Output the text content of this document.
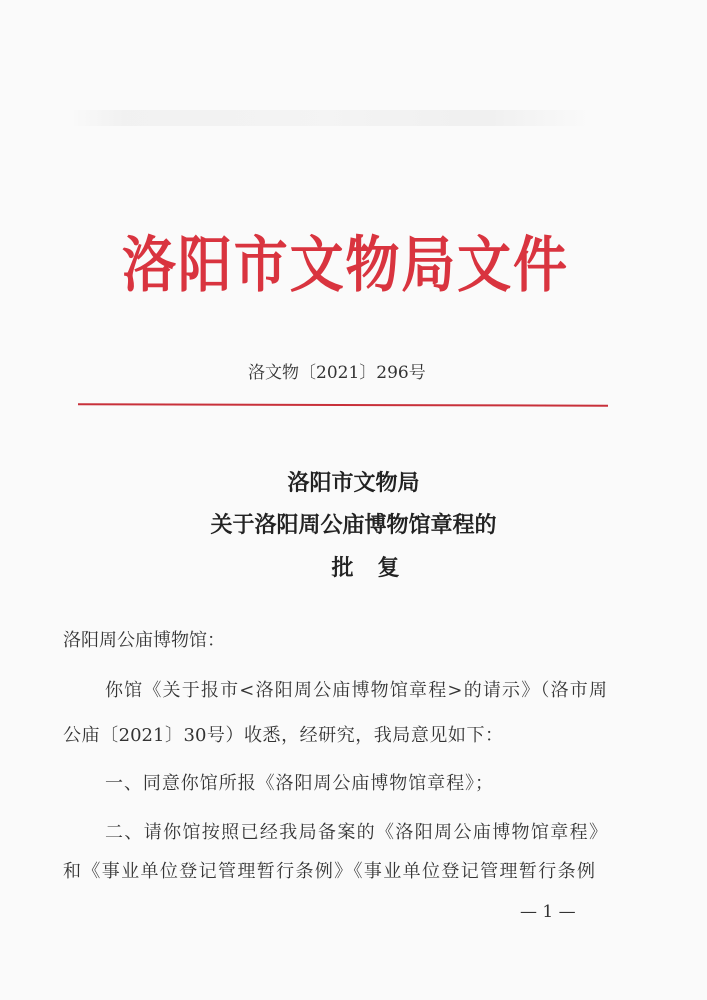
洛阳市文物局文件
洛文物〔2021〕296号
洛阳市文物局
关于洛阳周公庙博物馆章程的
批复
洛阳周公庙博物馆：
你馆《关于报市<洛阳周公庙博物馆章程>的请示》（洛市周
公庙〔2021〕30号）收悉，经研究，我局意见如下：
一、同意你馆所报《洛阳周公庙博物馆章程》；
二、请你馆按照已经我局备案的《洛阳周公庙博物馆章程》
和《事业单位登记管理暂行条例》《事业单位登记管理暂行条例
— 1 —
